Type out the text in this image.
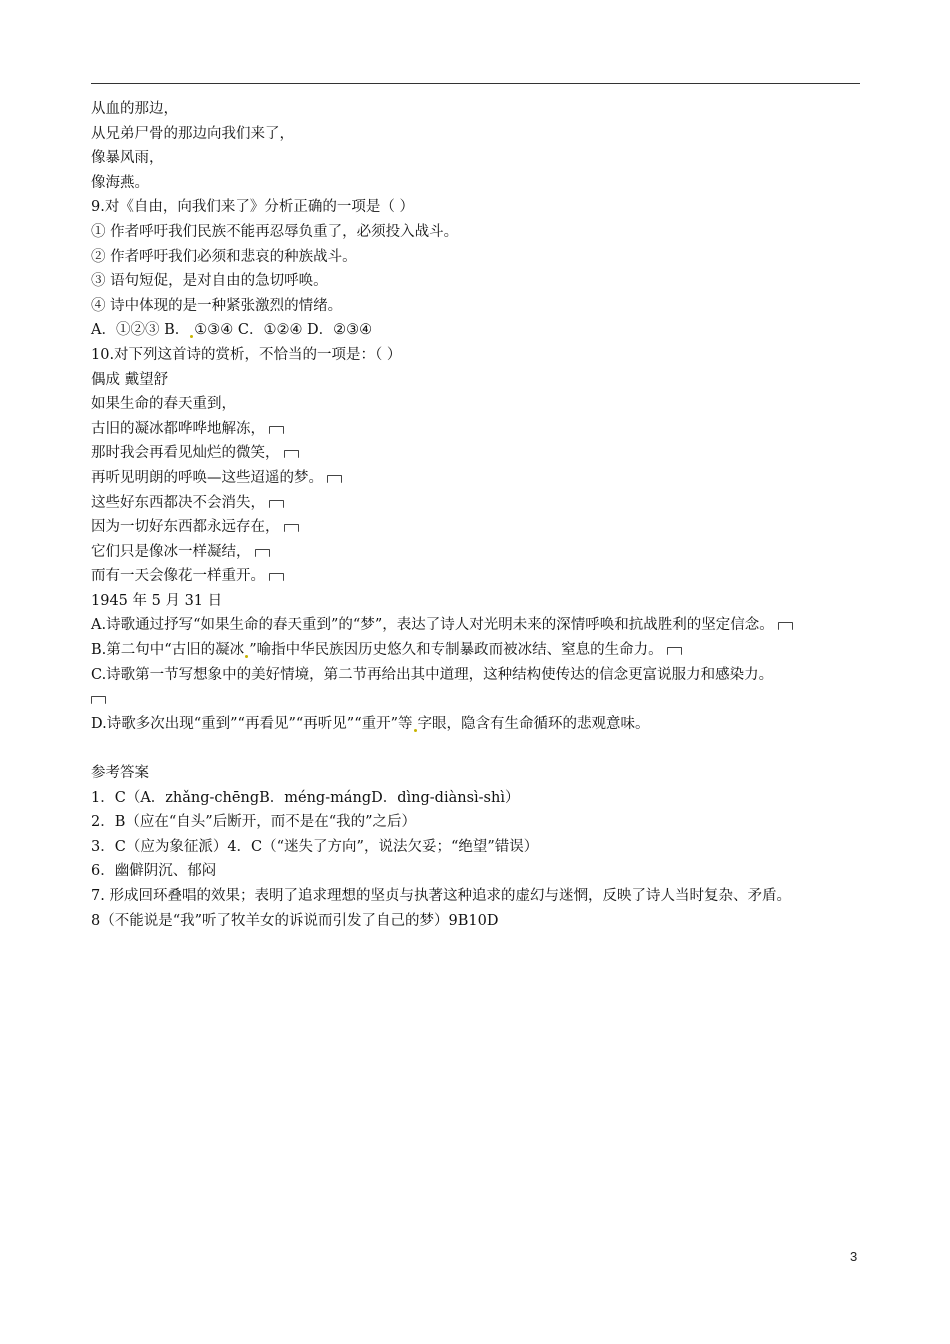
从血的那边，
从兄弟尸骨的那边向我们来了，
像暴风雨，
像海燕。
9.对《自由，向我们来了》分析正确的一项是（ ）
① 作者呼吁我们民族不能再忍辱负重了，必须投入战斗。
② 作者呼吁我们必须和悲哀的种族战斗。
③ 语句短促，是对自由的急切呼唤。
④ 诗中体现的是一种紧张激烈的情绪。
A．①②③ B． ①③④ C．①②④ D．②③④
10.对下列这首诗的赏析，不恰当的一项是：（ ）
偶成 戴望舒
如果生命的春天重到，
古旧的凝冰都哗哗地解冻，
那时我会再看见灿烂的微笑，
再听见明朗的呼唤—这些迢遥的梦。
这些好东西都决不会消失，
因为一切好东西都永远存在，
它们只是像冰一样凝结，
而有一天会像花一样重开。
1945 年 5 月 31 日
A.诗歌通过抒写“如果生命的春天重到”的“梦”，表达了诗人对光明未来的深情呼唤和抗战胜利的坚定信念。
B.第二句中“古旧的凝冰 ”喻指中华民族因历史悠久和专制暴政而被冰结、窒息的生命力。
C.诗歌第一节写想象中的美好情境，第二节再给出其中道理，这种结构使传达的信念更富说服力和感染力。

D.诗歌多次出现“重到”“再看见”“再听见”“重开”等 字眼，隐含有生命循环的悲观意味。
参考答案
1．C（A．zhǎng-chēngB．méng-mángD．dìng-diànsì-shì）
2．B（应在“自头”后断开，而不是在“我的”之后）
3．C（应为象征派）4．C（“迷失了方向”，说法欠妥；“绝望”错误）
6．幽僻阴沉、郁闷
7. 形成回环叠唱的效果；表明了追求理想的坚贞与执著这种追求的虚幻与迷惘，反映了诗人当时复杂、矛盾。
8（不能说是“我”听了牧羊女的诉说而引发了自己的梦）9B10D
3
